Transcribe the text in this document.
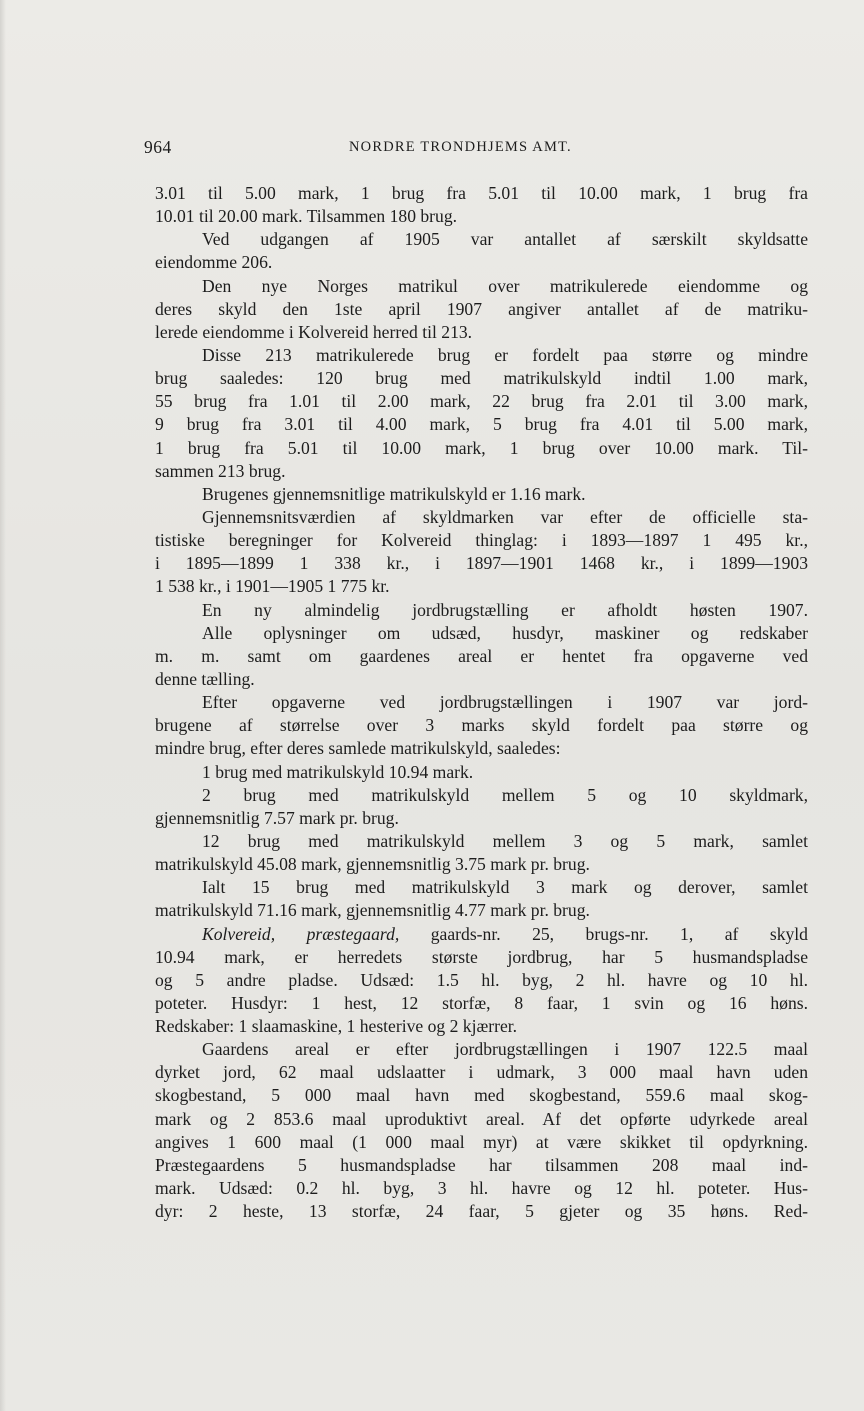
964	NORDRE TRONDHJEMS AMT.
3.01 til 5.00 mark, 1 brug fra 5.01 til 10.00 mark, 1 brug fra
10.01 til 20.00 mark. Tilsammen 180 brug.
Ved udgangen af 1905 var antallet af særskilt skyldsatte
eiendomme 206.
Den nye Norges matrikul over matrikulerede eiendomme og
deres skyld den 1ste april 1907 angiver antallet af de matriku-
lerede eiendomme i Kolvereid herred til 213.
Disse 213 matrikulerede brug er fordelt paa større og mindre
brug saaledes: 120 brug med matrikulskyld indtil 1.00 mark,
55 brug fra 1.01 til 2.00 mark, 22 brug fra 2.01 til 3.00 mark,
9 brug fra 3.01 til 4.00 mark, 5 brug fra 4.01 til 5.00 mark,
1 brug fra 5.01 til 10.00 mark, 1 brug over 10.00 mark. Til-
sammen 213 brug.
Brugenes gjennemsnitlige matrikulskyld er 1.16 mark.
Gjennemsnitsværdien af skyldmarken var efter de officielle sta-
tistiske beregninger for Kolvereid thinglag: i 1893—1897 1 495 kr.,
i 1895—1899 1 338 kr., i 1897—1901 1468 kr., i 1899—1903
1 538 kr., i 1901—1905 1 775 kr.
En ny almindelig jordbrugstælling er afholdt høsten 1907.
Alle oplysninger om udsæd, husdyr, maskiner og redskaber
m. m. samt om gaardenes areal er hentet fra opgaverne ved
denne tælling.
Efter opgaverne ved jordbrugstællingen i 1907 var jord-
brugene af størrelse over 3 marks skyld fordelt paa større og
mindre brug, efter deres samlede matrikulskyld, saaledes:
1 brug med matrikulskyld 10.94 mark.
2 brug med matrikulskyld mellem 5 og 10 skyldmark,
gjennemsnitlig 7.57 mark pr. brug.
12 brug med matrikulskyld mellem 3 og 5 mark, samlet
matrikulskyld 45.08 mark, gjennemsnitlig 3.75 mark pr. brug.
Ialt 15 brug med matrikulskyld 3 mark og derover, samlet
matrikulskyld 71.16 mark, gjennemsnitlig 4.77 mark pr. brug.
Kolvereid, præstegaard, gaards-nr. 25, brugs-nr. 1, af skyld
10.94 mark, er herredets største jordbrug, har 5 husmandspladse
og 5 andre pladse. Udsæd: 1.5 hl. byg, 2 hl. havre og 10 hl.
poteter. Husdyr: 1 hest, 12 storfæ, 8 faar, 1 svin og 16 høns.
Redskaber: 1 slaamaskine, 1 hesterive og 2 kjærrer.
Gaardens areal er efter jordbrugstællingen i 1907 122.5 maal
dyrket jord, 62 maal udslaatter i udmark, 3 000 maal havn uden
skogbestand, 5 000 maal havn med skogbestand, 559.6 maal skog-
mark og 2 853.6 maal uproduktivt areal. Af det opførte udyrkede areal
angives 1 600 maal (1 000 maal myr) at være skikket til opdyrkning.
Præstegaardens 5 husmandspladse har tilsammen 208 maal ind-
mark. Udsæd: 0.2 hl. byg, 3 hl. havre og 12 hl. poteter. Hus-
dyr: 2 heste, 13 storfæ, 24 faar, 5 gjeter og 35 høns. Red-
